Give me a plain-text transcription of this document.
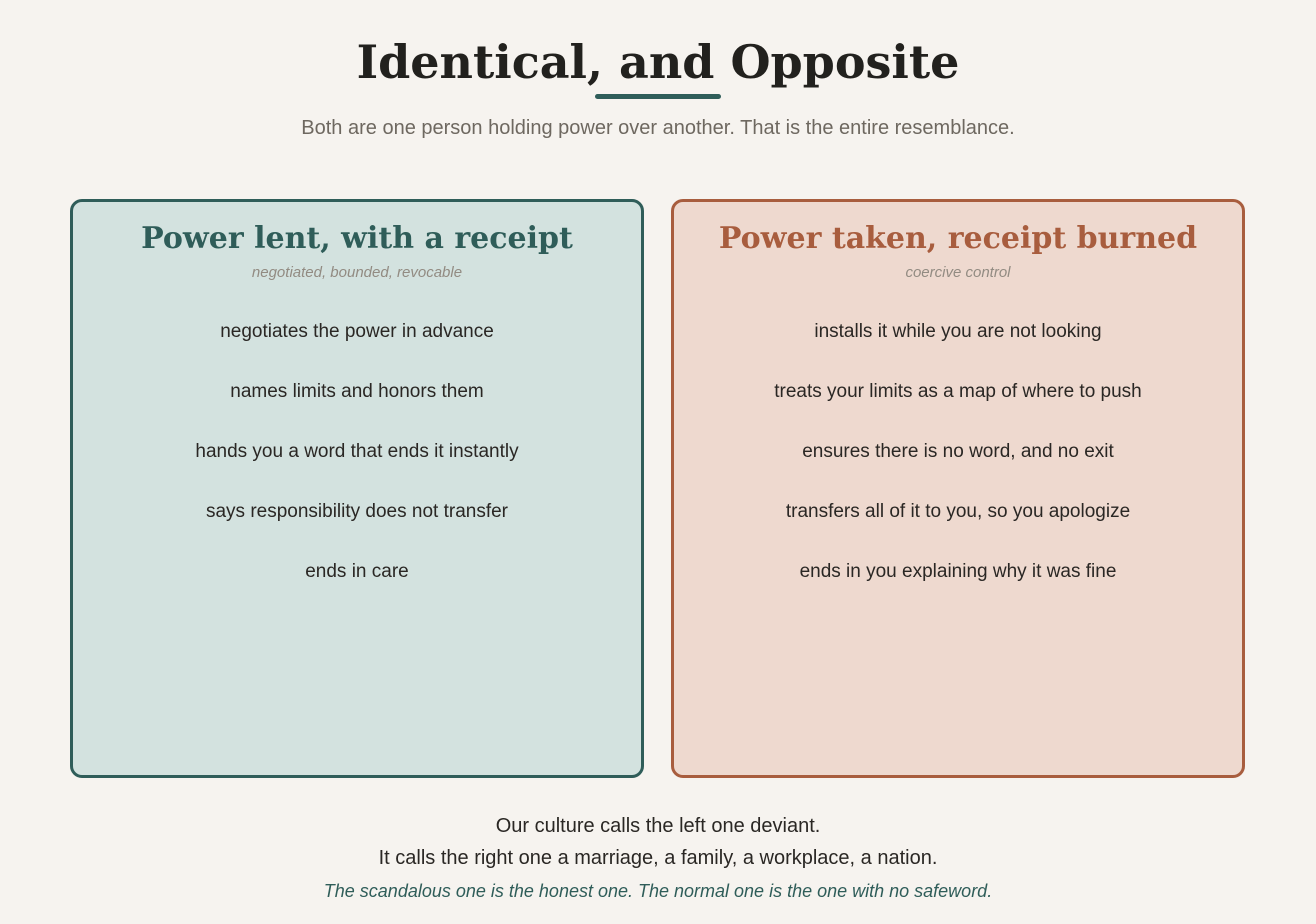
Identical, and Opposite
Both are one person holding power over another. That is the entire resemblance.
Power lent, with a receipt
negotiated, bounded, revocable
negotiates the power in advance
names limits and honors them
hands you a word that ends it instantly
says responsibility does not transfer
ends in care
Power taken, receipt burned
coercive control
installs it while you are not looking
treats your limits as a map of where to push
ensures there is no word, and no exit
transfers all of it to you, so you apologize
ends in you explaining why it was fine
Our culture calls the left one deviant.
It calls the right one a marriage, a family, a workplace, a nation.
The scandalous one is the honest one. The normal one is the one with no safeword.
